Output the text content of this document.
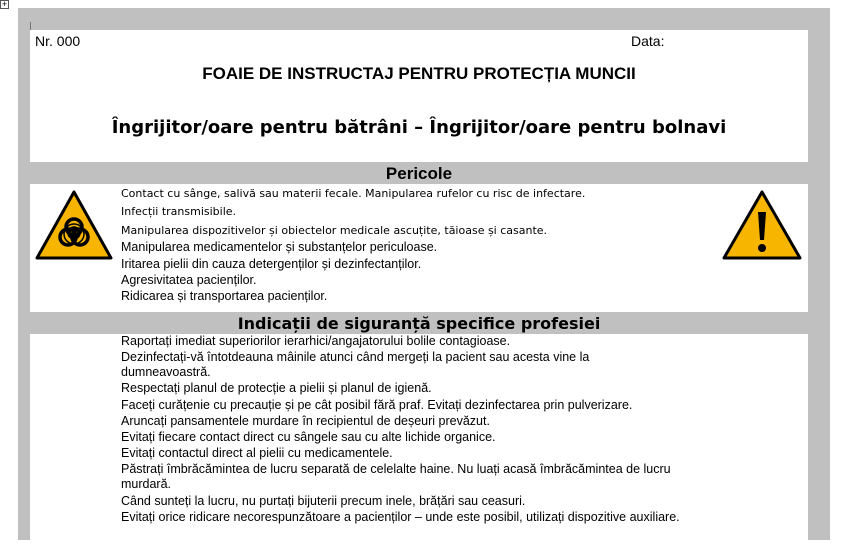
+
Nr. 000	Data:
FOAIE DE INSTRUCTAJ PENTRU PROTECȚIA MUNCII
Îngrijitor/oare pentru bătrâni – Îngrijitor/oare pentru bolnavi
Pericole
Contact cu sânge, salivă sau materii fecale. Manipularea rufelor cu risc de infectare.
Infecții transmisibile.
Manipularea dispozitivelor și obiectelor medicale ascuțite, tăioase și casante.
Manipularea medicamentelor și substanțelor periculoase.
Iritarea pielii din cauza detergenților și dezinfectanților.
Agresivitatea pacienților.
Ridicarea și transportarea pacienților.
Indicații de siguranță specifice profesiei
Raportați imediat superiorilor ierarhici/angajatorului bolile contagioase.
Dezinfectați-vă întotdeauna mâinile atunci când mergeți la pacient sau acesta vine la dumneavoastră.
Respectați planul de protecție a pielii și planul de igienă.
Faceți curățenie cu precauție și pe cât posibil fără praf. Evitați dezinfectarea prin pulverizare.
Aruncați pansamentele murdare în recipientul de deșeuri prevăzut.
Evitați fiecare contact direct cu sângele sau cu alte lichide organice.
Evitați contactul direct al pielii cu medicamentele.
Păstrați îmbrăcămintea de lucru separată de celelalte haine. Nu luați acasă îmbrăcămintea de lucru murdară.
Când sunteți la lucru, nu purtați bijuterii precum inele, brățări sau ceasuri.
Evitați orice ridicare necorespunzătoare a pacienților – unde este posibil, utilizați dispozitive auxiliare.
